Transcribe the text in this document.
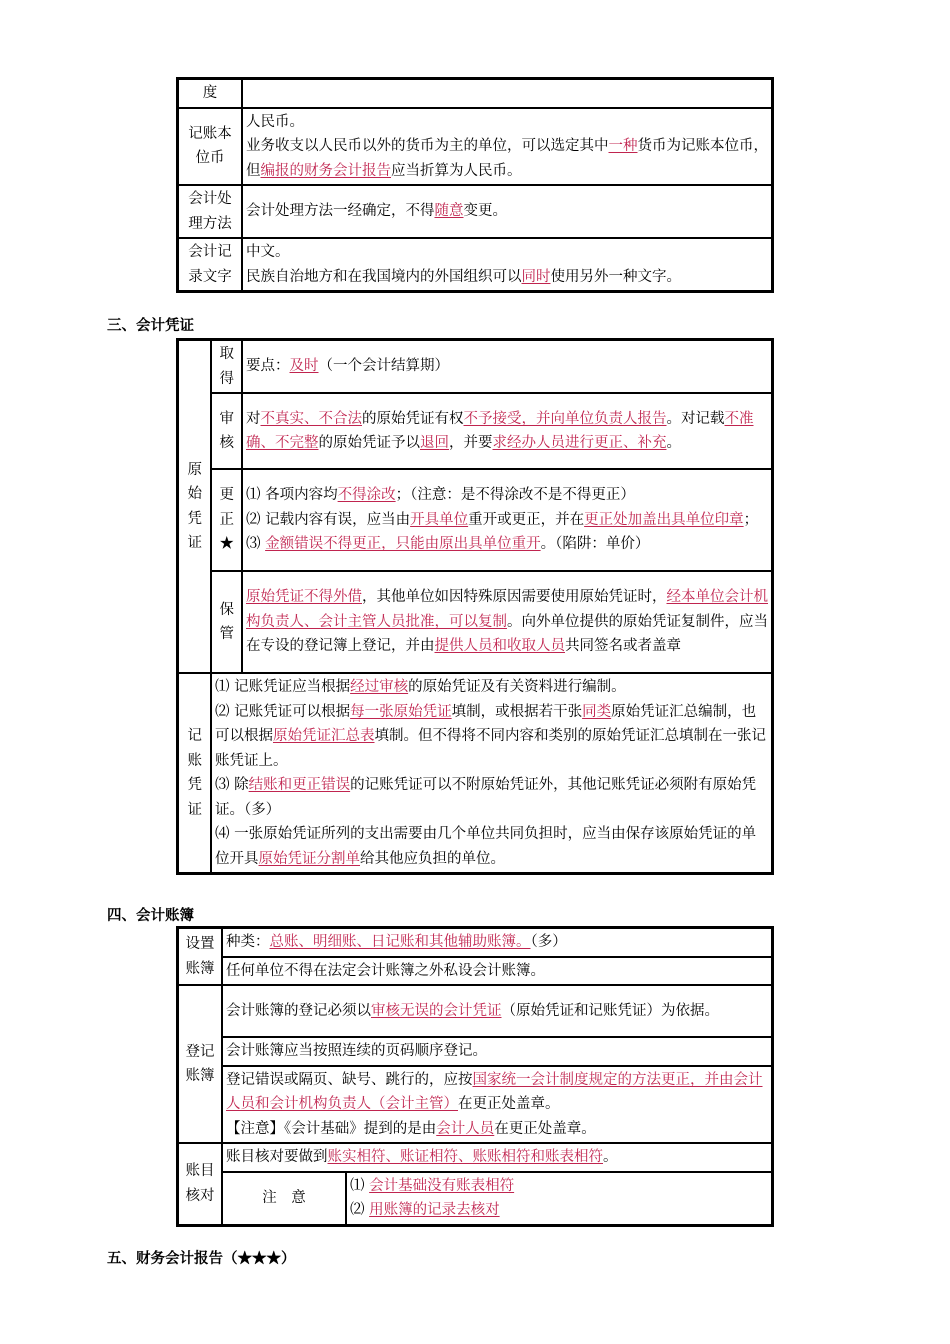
度	
记账本位币	人民币。
业务收支以人民币以外的货币为主的单位，可以选定其中一种货币为记账本位币，但编报的财务会计报告应当折算为人民币。
会计处理方法	会计处理方法一经确定，不得随意变更。
会计记录文字	中文。
民族自治地方和在我国境内的外国组织可以同时使用另外一种文字。
三、会计凭证
原始凭证	取得	要点：及时（一个会计结算期）

	审核	对不真实、不合法的原始凭证有权不予接受，并向单位负责人报告。对记载不准确、不完整的原始凭证予以退回，并要求经办人员进行更正、补充。

	更正★	⑴ 各项内容均不得涂改；（注意：是不得涂改不是不得更正）
⑵ 记载内容有误，应当由开具单位重开或更正，并在更正处加盖出具单位印章；
⑶ 金额错误不得更正，只能由原出具单位重开。（陷阱：单价）

	保管	原始凭证不得外借，其他单位如因特殊原因需要使用原始凭证时，经本单位会计机构负责人、会计主管人员批准，可以复制。向外单位提供的原始凭证复制件，应当在专设的登记簿上登记，并由提供人员和收取人员共同签名或者盖章

记账凭证	⑴ 记账凭证应当根据经过审核的原始凭证及有关资料进行编制。
⑵ 记账凭证可以根据每一张原始凭证填制，或根据若干张同类原始凭证汇总编制，也可以根据原始凭证汇总表填制。但不得将不同内容和类别的原始凭证汇总填制在一张记账凭证上。
⑶ 除结账和更正错误的记账凭证可以不附原始凭证外，其他记账凭证必须附有原始凭证。（多）
⑷ 一张原始凭证所列的支出需要由几个单位共同负担时，应当由保存该原始凭证的单位开具原始凭证分割单给其他应负担的单位。	
四、会计账簿
设置账簿	种类：总账、明细账、日记账和其他辅助账簿。（多）	
	任何单位不得在法定会计账簿之外私设会计账簿。	
登记账簿	会计账簿的登记必须以审核无误的会计凭证（原始凭证和记账凭证）为依据。	
	会计账簿应当按照连续的页码顺序登记。	
	登记错误或隔页、缺号、跳行的，应按国家统一会计制度规定的方法更正，并由会计人员和会计机构负责人（会计主管）在更正处盖章。
【注意】《会计基础》提到的是由会计人员在更正处盖章。	
账目核对	账目核对要做到账实相符、账证相符、账账相符和账表相符。	
	注　意	⑴ 会计基础没有账表相符
⑵ 用账簿的记录去核对
五、财务会计报告（★★★）
